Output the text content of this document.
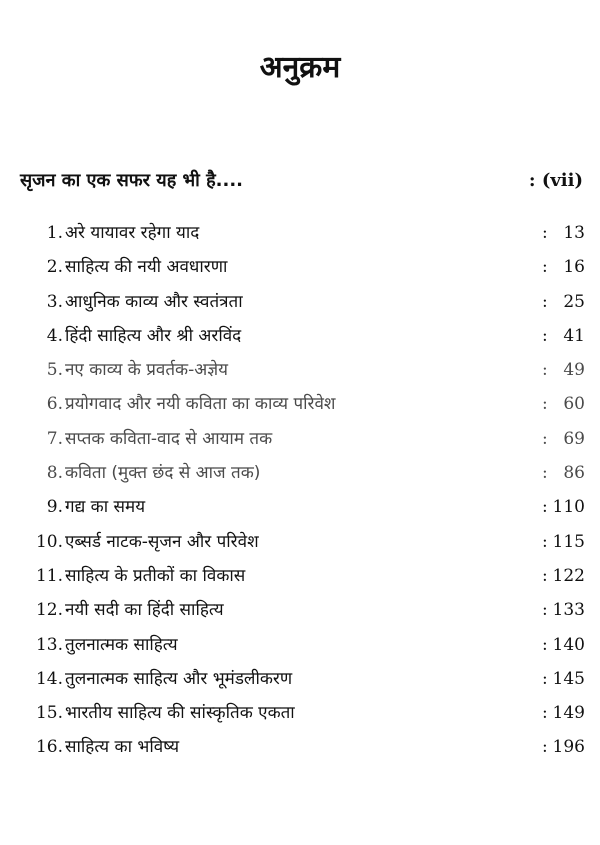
अनुक्रम
सृजन का एक सफर यह भी है....	: (vii)
1. अरे यायावर रहेगा याद	: 13
2. साहित्य की नयी अवधारणा	: 16
3. आधुनिक काव्य और स्वतंत्रता	: 25
4. हिंदी साहित्य और श्री अरविंद	: 41
5. नए काव्य के प्रवर्तक-अज्ञेय	: 49
6. प्रयोगवाद और नयी कविता का काव्य परिवेश	: 60
7. सप्तक कविता-वाद से आयाम तक	: 69
8. कविता (मुक्त छंद से आज तक)	: 86
9. गद्य का समय	: 110
10. एब्सर्ड नाटक-सृजन और परिवेश	: 115
11. साहित्य के प्रतीकों का विकास	: 122
12. नयी सदी का हिंदी साहित्य	: 133
13. तुलनात्मक साहित्य	: 140
14. तुलनात्मक साहित्य और भूमंडलीकरण	: 145
15. भारतीय साहित्य की सांस्कृतिक एकता	: 149
16. साहित्य का भविष्य	: 196
